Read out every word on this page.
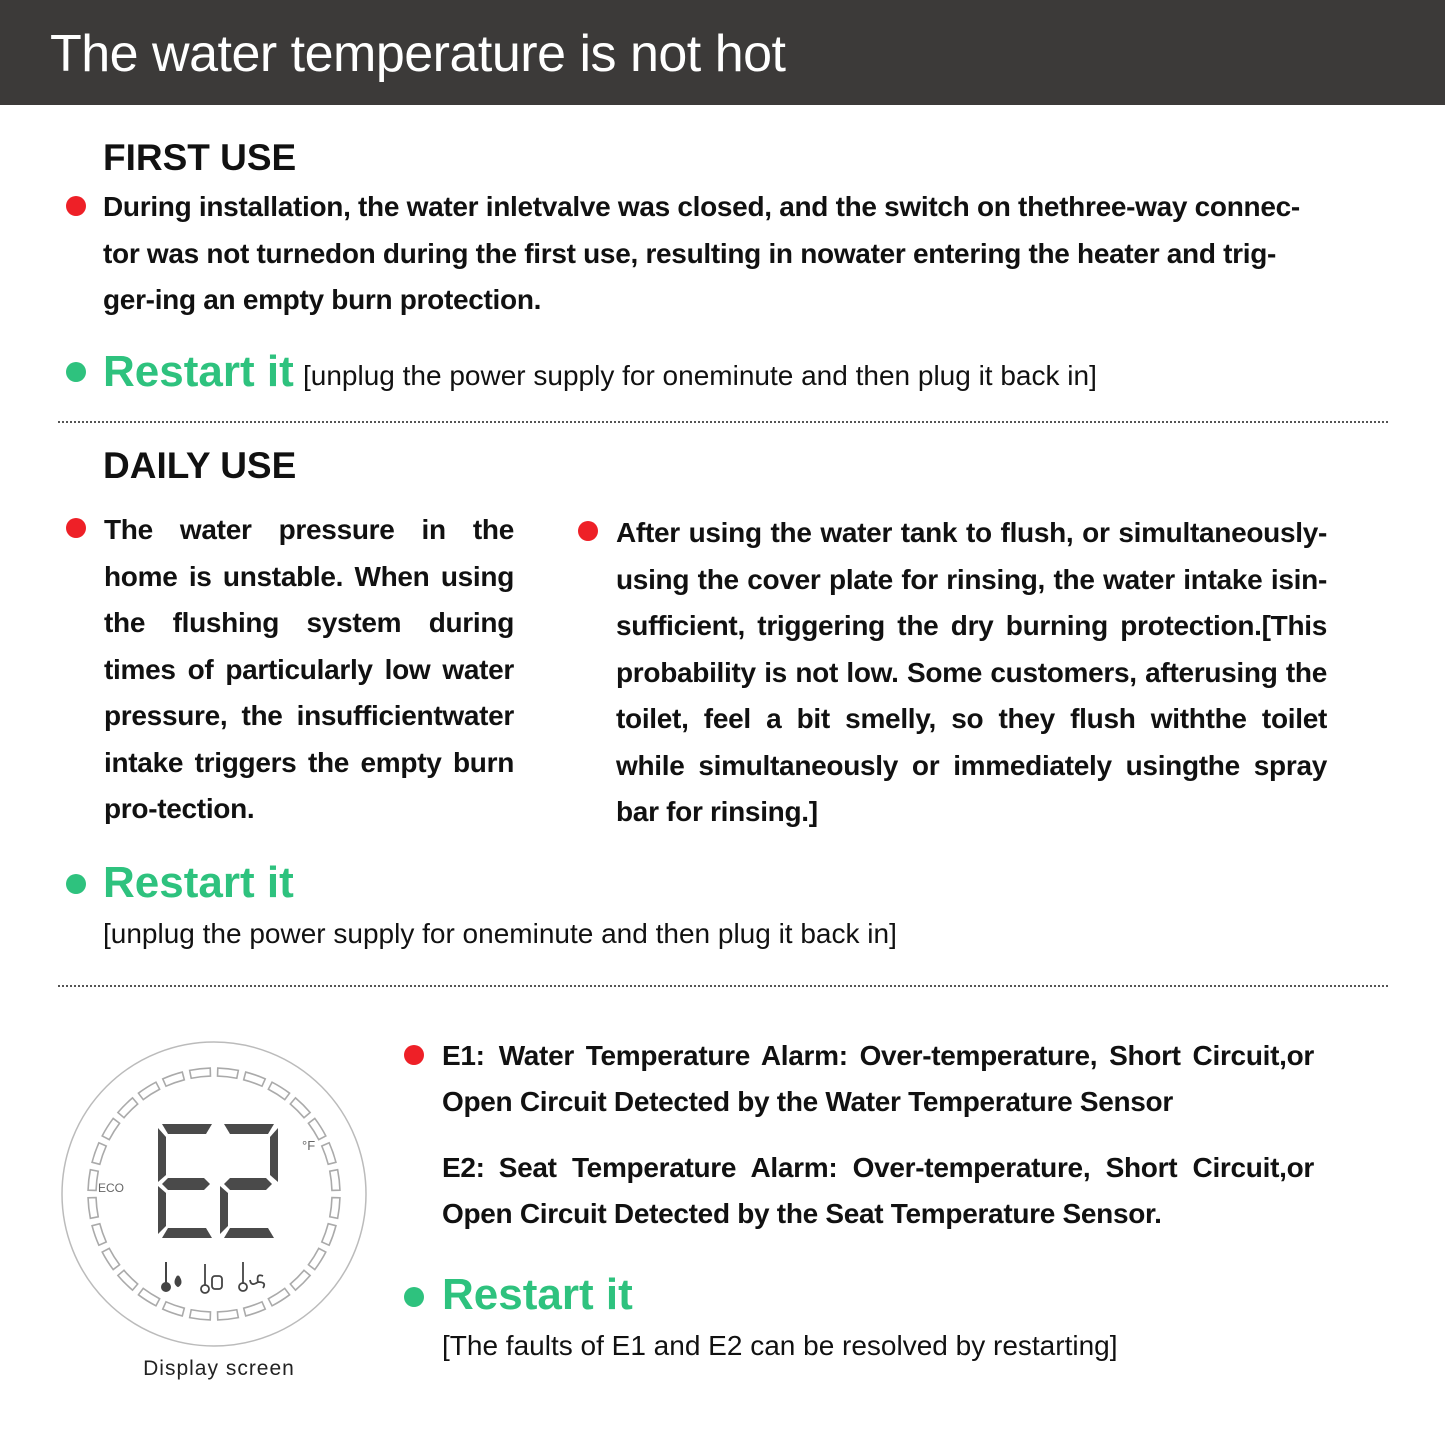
The water temperature is not hot
FIRST USE
During installation, the water inletvalve was closed, and the switch on thethree-way connec-
tor was not turnedon during the first use, resulting in nowater entering the heater and trig-
ger-ing an empty burn protection.
Restart it [unplug the power supply for oneminute and then plug it back in]
DAILY USE
The water pressure in the home is unstable. When using the flushing system during times of particularly low water pressure, the insufficientwater intake triggers the empty burn pro-tection.
After using the water tank to flush, or simultaneously-using the cover plate for rinsing, the water intake isin-sufficient, triggering the dry burning protection.[This probability is not low. Some customers, afterusing the toilet, feel a bit smelly, so they flush withthe toilet while simultaneously or immediately usingthe spray bar for rinsing.]
Restart it
[unplug the power supply for oneminute and then plug it back in]
ECO
°F
Display screen
E1: Water Temperature Alarm: Over-temperature, Short Circuit,or Open Circuit Detected by the Water Temperature Sensor
E2: Seat Temperature Alarm: Over-temperature, Short Circuit,or Open Circuit Detected by the Seat Temperature Sensor.
Restart it
[The faults of E1 and E2 can be resolved by restarting]
